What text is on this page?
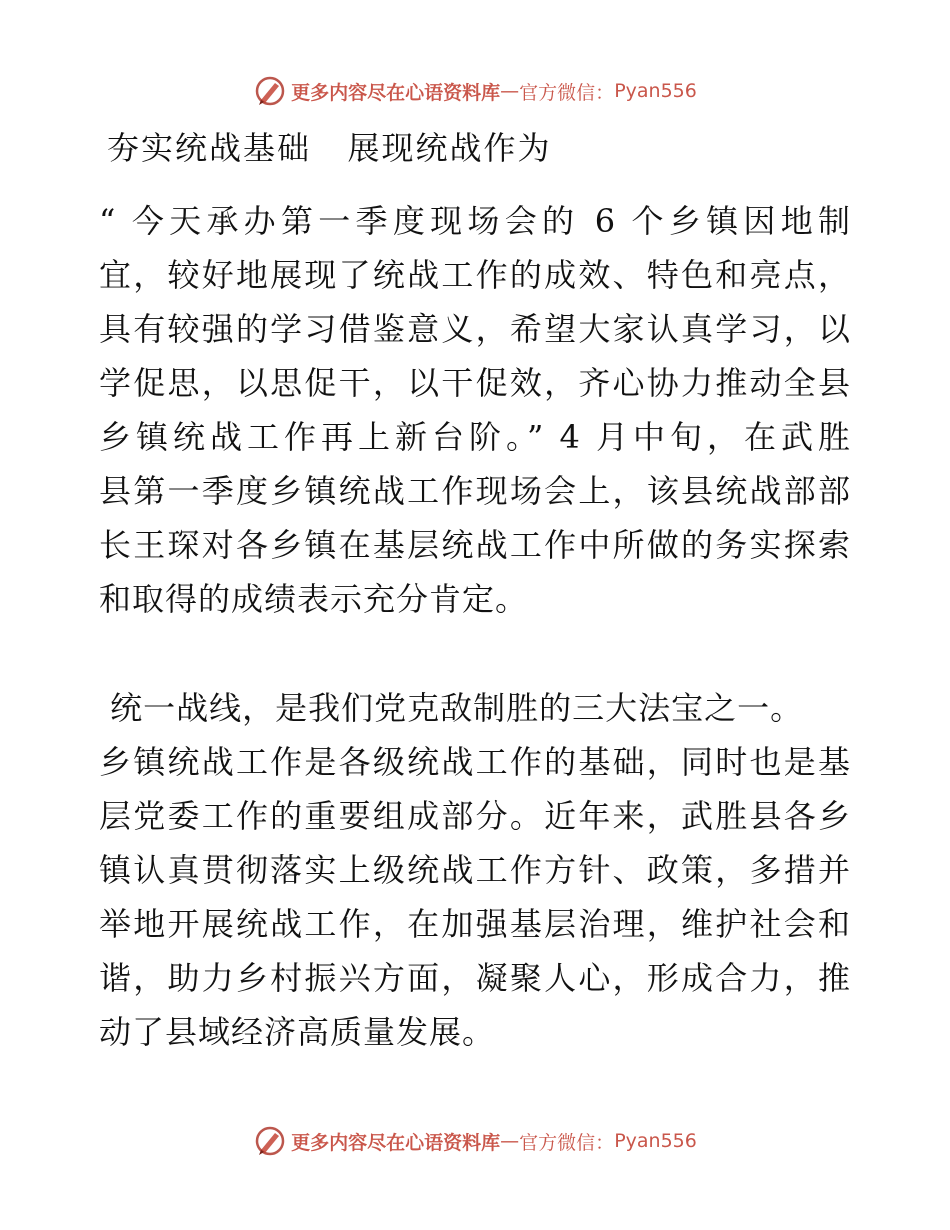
更多内容尽在心语资料库 — 官方微信： Pyan556
夯实统战基础   展现统战作为
“ 今天承办第一季度现场会的 6 个乡镇因地制
宜，较好地展现了统战工作的成效、特色和亮点，
具有较强的学习借鉴意义，希望大家认真学习，以
学促思，以思促干，以干促效，齐心协力推动全县
乡镇统战工作再上新台阶。” 4 月中旬，在武胜
县第一季度乡镇统战工作现场会上，该县统战部部
长王琛对各乡镇在基层统战工作中所做的务实探索
和取得的成绩表示充分肯定。
统一战线，是我们党克敌制胜的三大法宝之一。
乡镇统战工作是各级统战工作的基础，同时也是基
层党委工作的重要组成部分。近年来，武胜县各乡
镇认真贯彻落实上级统战工作方针、政策，多措并
举地开展统战工作，在加强基层治理，维护社会和
谐，助力乡村振兴方面，凝聚人心，形成合力，推
动了县域经济高质量发展。
更多内容尽在心语资料库 — 官方微信： Pyan556
